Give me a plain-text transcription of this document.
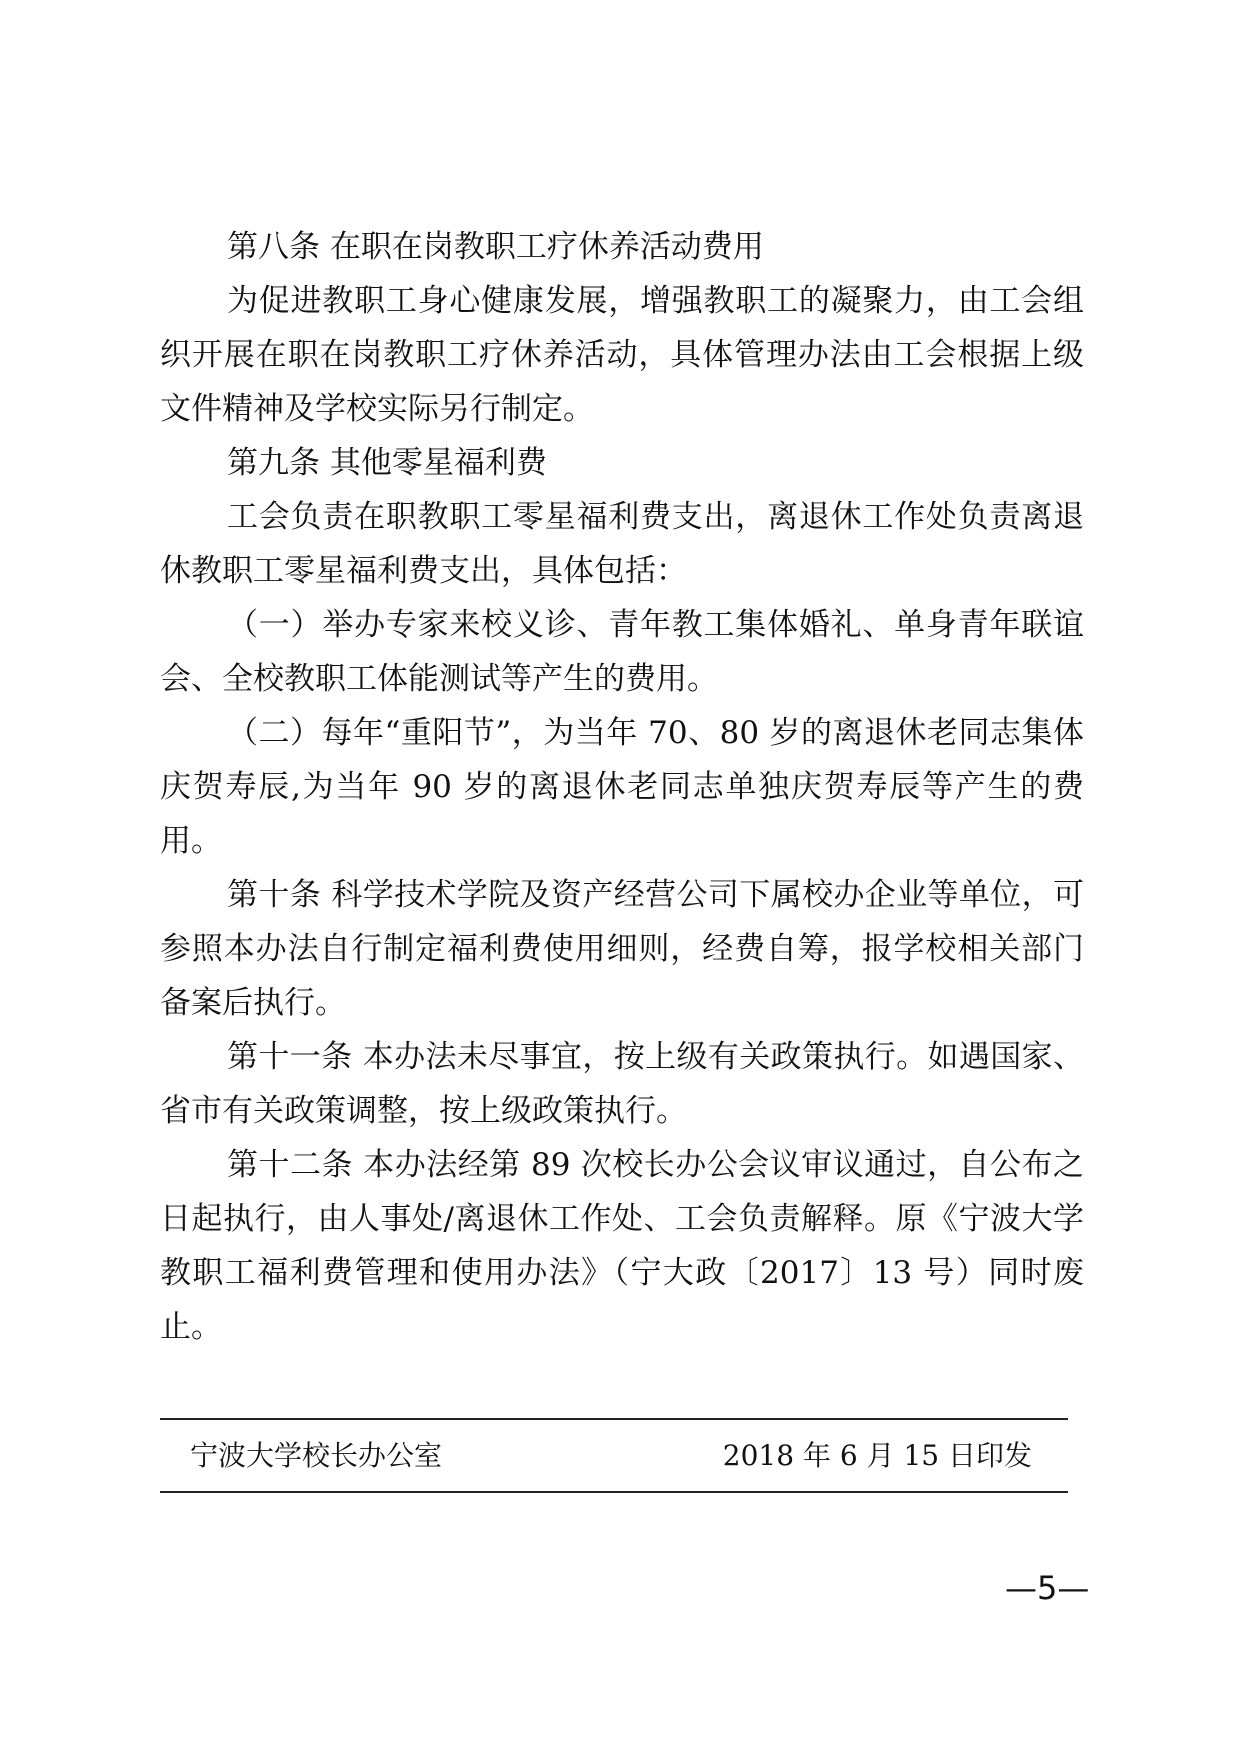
第八条 在职在岗教职工疗休养活动费用

为促进教职工身心健康发展，增强教职工的凝聚力，由工会组织开展在职在岗教职工疗休养活动，具体管理办法由工会根据上级文件精神及学校实际另行制定。

第九条 其他零星福利费

工会负责在职教职工零星福利费支出，离退休工作处负责离退休教职工零星福利费支出，具体包括：

（一）举办专家来校义诊、青年教工集体婚礼、单身青年联谊会、全校教职工体能测试等产生的费用。

（二）每年“重阳节”，为当年 70、80 岁的离退休老同志集体庆贺寿辰,为当年 90 岁的离退休老同志单独庆贺寿辰等产生的费用。

第十条 科学技术学院及资产经营公司下属校办企业等单位，可参照本办法自行制定福利费使用细则，经费自筹，报学校相关部门备案后执行。

第十一条 本办法未尽事宜，按上级有关政策执行。如遇国家、省市有关政策调整，按上级政策执行。

第十二条 本办法经第 89 次校长办公会议审议通过，自公布之日起执行，由人事处/离退休工作处、工会负责解释。原《宁波大学教职工福利费管理和使用办法》（宁大政〔2017〕13 号）同时废止。

宁波大学校长办公室	2018 年 6 月 15 日印发
—5—
